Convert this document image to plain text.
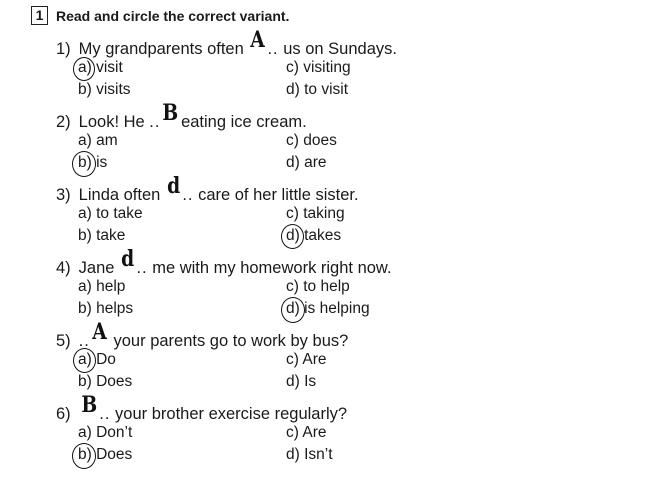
1 Read and circle the correct variant.
1) My grandparents often A .. us on Sundays.
a) visit
b) visits
c) visiting
d) to visit
2) Look! He .. B eating ice cream.
a) am
b) is
c) does
d) are
3) Linda often d .. care of her little sister.
a) to take
b) take
c) taking
d) takes
4) Jane d .. me with my homework right now.
a) help
b) helps
c) to help
d) is helping
5) .. A your parents go to work by bus?
a) Do
b) Does
c) Are
d) Is
6) B .. your brother exercise regularly?
a) Don’t
b) Does
c) Are
d) Isn’t
